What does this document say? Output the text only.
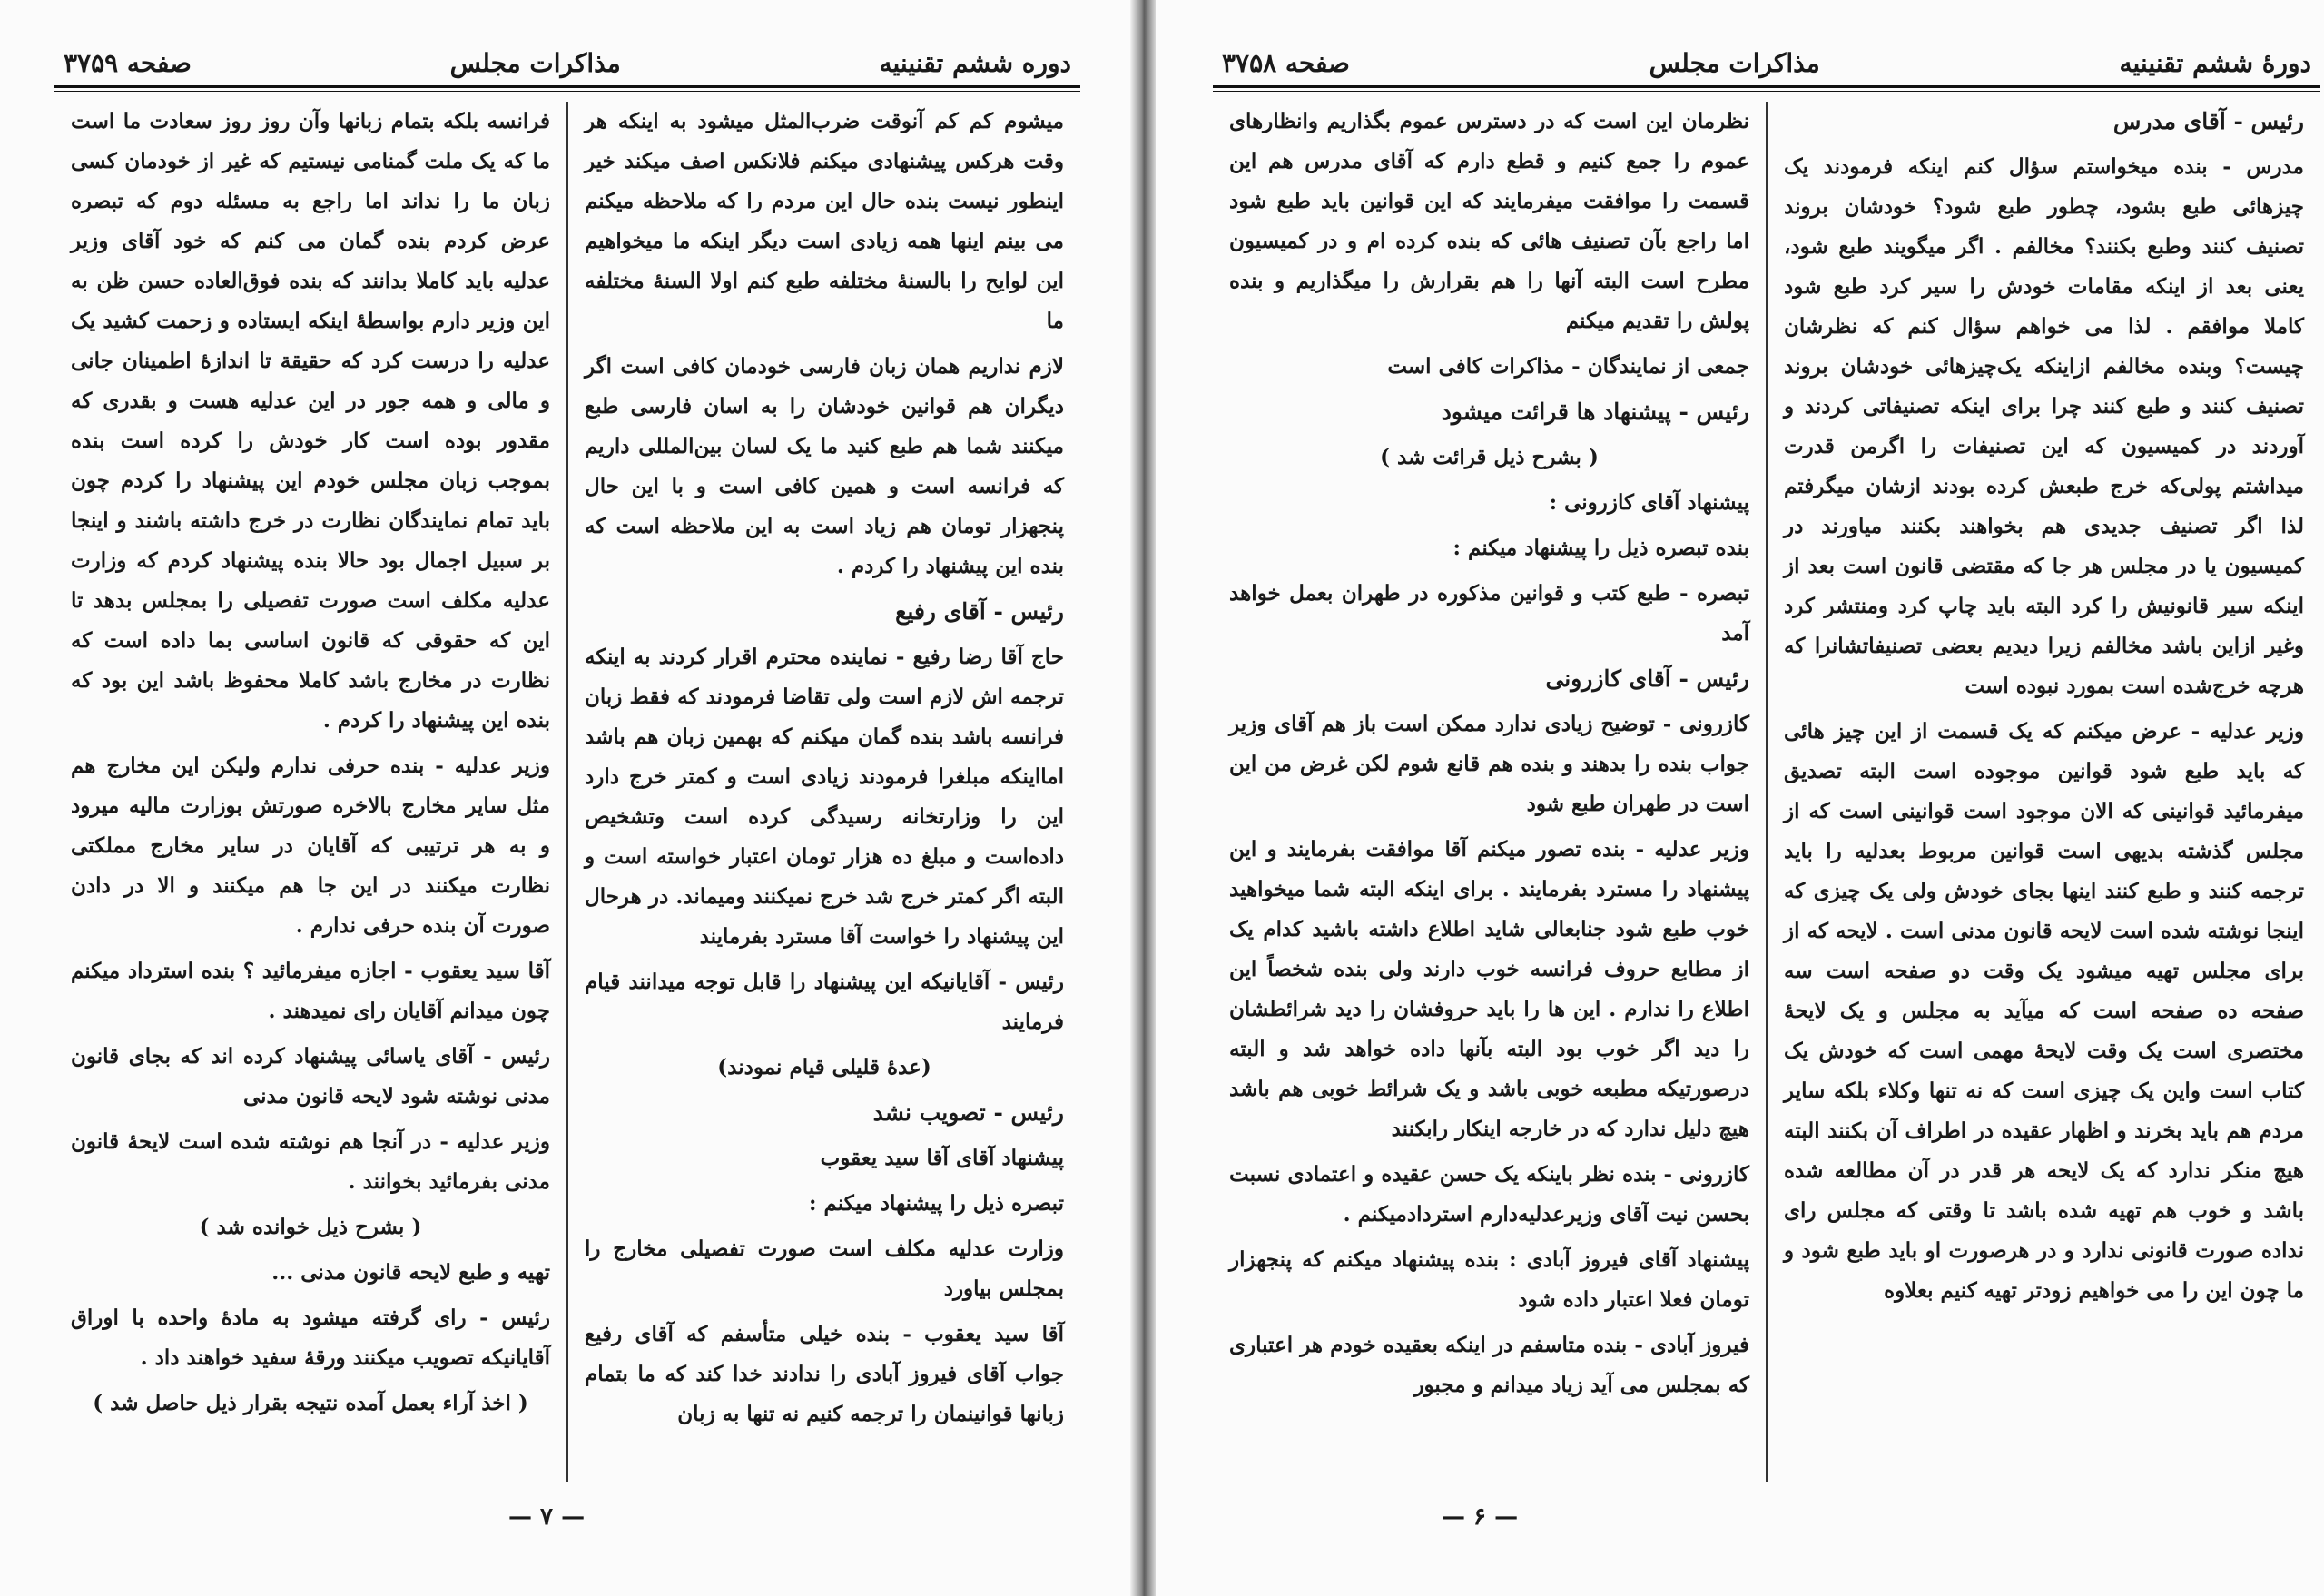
دوره ششم تقنینیه
مذاکرات مجلس
صفحه ۳۷۵۹

میشوم کم کم آنوقت ضرب‌المثل میشود به اینکه هر وقت هرکس پیشنهادی میکنم فلانکس اصف میکند خیر اینطور نیست بنده حال این مردم را که ملاحظه میکنم می بینم اینها همه زیادی است دیگر اینکه ما میخواهیم این لوایح را بالسنهٔ مختلفه طبع کنم اولا السنهٔ مختلفه ما

لازم نداریم همان زبان فارسی خودمان کافی است اگر دیگران هم قوانین خودشان را به اسان فارسی طبع میکنند شما هم طبع کنید ما یک لسان بین‌المللی داریم که فرانسه است و همین کافی است و با این حال پنجهزار تومان هم زیاد است به این ملاحظه است که بنده این پیشنهاد را کردم .

رئیس - آقای رفیع

حاج آقا رضا رفیع - نماینده محترم اقرار کردند به اینکه ترجمه اش لازم است ولی تقاضا فرمودند که فقط زبان فرانسه باشد بنده گمان میکنم که بهمین زبان هم باشد امااینکه مبلغرا فرمودند زیادی است و کمتر خرج دارد این را وزارتخانه رسیدگی کرده است وتشخیص داده‌است و مبلغ ده هزار تومان اعتبار خواسته است و البته اگر کمتر خرج شد خرج نمیکنند ومیماند. در هرحال این پیشنهاد را خواست آقا مسترد بفرمایند

رئیس - آقایانیکه این پیشنهاد را قابل توجه میدانند قیام فرمایند

(عدهٔ قلیلی قیام نمودند)

رئیس - تصویب نشد

پیشنهاد آقای آقا سید یعقوب

تبصره ذیل را پیشنهاد میکنم :

وزارت عدلیه مکلف است صورت تفصیلی مخارج را بمجلس بیاورد

آقا سید یعقوب - بنده خیلی متأسفم که آقای رفیع جواب آقای فیروز آبادی را ندادند خدا کند که ما بتمام زبانها قوانینمان را ترجمه کنیم نه تنها به زبان

فرانسه بلکه بتمام زبانها وآن روز روز سعادت ما است ما که یک ملت گمنامی نیستیم که غیر از خودمان کسی زبان ما را نداند اما راجع به مسئله دوم که تبصره عرض کردم بنده گمان می کنم که خود آقای وزیر عدلیه باید کاملا بدانند که بنده فوق‌العاده حسن ظن به این وزیر دارم بواسطهٔ اینکه ایستاده و زحمت کشید یک عدلیه را درست کرد که حقیقة تا اندازهٔ اطمینان جانی و مالی و همه جور در این عدلیه هست و بقدری که مقدور بوده است کار خودش را کرده است بنده بموجب زبان مجلس خودم این پیشنهاد را کردم چون باید تمام نمایندگان نظارت در خرج داشته باشند و اینجا بر سبیل اجمال بود حالا بنده پیشنهاد کردم که وزارت عدلیه مکلف است صورت تفصیلی را بمجلس بدهد تا این که حقوقی که قانون اساسی بما داده است که نظارت در مخارج باشد کاملا محفوظ باشد این بود که بنده این پیشنهاد را کردم .

وزیر عدلیه - بنده حرفی ندارم ولیکن این مخارج هم مثل سایر مخارج بالاخره صورتش بوزارت مالیه میرود و به هر ترتیبی که آقایان در سایر مخارج مملکتی نظارت میکنند در این جا هم میکنند و الا در دادن صورت آن بنده حرفی ندارم .

آقا سید یعقوب - اجازه میفرمائید ؟ بنده استرداد میکنم چون میدانم آقایان رای نمیدهند .

رئیس - آقای یاسائی پیشنهاد کرده اند که بجای قانون مدنی نوشته شود لایحه قانون مدنی

وزیر عدلیه - در آنجا هم نوشته شده است لایحهٔ قانون مدنی بفرمائید بخوانند .

( بشرح ذیل خوانده شد )

تهیه و طبع لایحه قانون مدنی ...

رئیس - رای گرفته میشود به مادهٔ واحده با اوراق آقایانیکه تصویب میکنند ورقهٔ سفید خواهند داد .

( اخذ آراء بعمل آمده نتیجه بقرار ذیل حاصل شد )

— ۷ —
دورهٔ ششم تقنینیه
مذاکرات مجلس
صفحه ۳۷۵۸

رئیس - آقای مدرس

مدرس - بنده میخواستم سؤال کنم اینکه فرمودند یک چیزهائی طبع بشود، چطور طبع شود؟ خودشان بروند تصنیف کنند وطبع بکنند؟ مخالفم . اگر میگویند طبع شود، یعنی بعد از اینکه مقامات خودش را سیر کرد طبع شود کاملا موافقم . لذا می خواهم سؤال کنم که نظرشان چیست؟ وبنده مخالفم ازاینکه یک‌چیزهائی خودشان بروند تصنیف کنند و طبع کنند چرا برای اینکه تصنیفاتی کردند و آوردند در کمیسیون که این تصنیفات را اگرمن قدرت میداشتم پولی‌که خرج طبعش کرده بودند ازشان میگرفتم لذا اگر تصنیف جدیدی هم بخواهند بکنند میاورند در کمیسیون یا در مجلس هر جا که مقتضی قانون است بعد از اینکه سیر قانونیش را کرد البته باید چاپ کرد ومنتشر کرد وغیر ازاین باشد مخالفم زیرا دیدیم بعضی تصنیفاتشانرا که هرچه خرج‌شده است بمورد نبوده است

وزیر عدلیه - عرض میکنم که یک قسمت از این چیز هائی که باید طبع شود قوانین موجوده است البته تصدیق میفرمائید قوانینی که الان موجود است قوانینی است که از مجلس گذشته بدیهی است قوانین مربوط بعدلیه را باید ترجمه کنند و طبع کنند اینها بجای خودش ولی یک چیزی که اینجا نوشته شده است لایحه قانون مدنی است . لایحه که از برای مجلس تهیه میشود یک وقت دو صفحه است سه صفحه ده صفحه است که میآید به مجلس و یک لایحهٔ مختصری است یک وقت لایحهٔ مهمی است که خودش یک کتاب است واین یک چیزی است که نه تنها وکلاء بلکه سایر مردم هم باید بخرند و اظهار عقیده در اطراف آن بکنند البته هیچ منکر ندارد که یک لایحه هر قدر در آن مطالعه شده باشد و خوب هم تهیه شده باشد تا وقتی که مجلس رای نداده صورت قانونی ندارد و در هرصورت او باید طبع شود و ما چون این را می خواهیم زودتر تهیه کنیم بعلاوه

نظرمان این است که در دسترس عموم بگذاریم وانظارهای عموم را جمع کنیم و قطع دارم که آقای مدرس هم این قسمت را موافقت میفرمایند که این قوانین باید طبع شود اما راجع بآن تصنیف هائی که بنده کرده ام و در کمیسیون مطرح است البته آنها را هم بقرارش را میگذاریم و بنده پولش را تقدیم میکنم

جمعی از نمایندگان - مذاکرات کافی است

رئیس - پیشنهاد ها قرائت میشود

( بشرح ذیل قرائت شد )

پیشنهاد آقای کازرونی :

بنده تبصره ذیل را پیشنهاد میکنم :

تبصره - طبع کتب و قوانین مذکوره در طهران بعمل خواهد آمد

رئیس - آقای کازرونی

کازرونی - توضیح زیادی ندارد ممکن است باز هم آقای وزیر جواب بنده را بدهند و بنده هم قانع شوم لکن غرض من این است در طهران طبع شود

وزیر عدلیه - بنده تصور میکنم آقا موافقت بفرمایند و این پیشنهاد را مسترد بفرمایند . برای اینکه البته شما میخواهید خوب طبع شود جنابعالی شاید اطلاع داشته باشید کدام یک از مطابع حروف فرانسه خوب دارند ولی بنده شخصاً این اطلاع را ندارم . این ها را باید حروفشان را دید شرائطشان را دید اگر خوب بود البته بآنها داده خواهد شد و البته درصورتیکه مطبعه خوبی باشد و یک شرائط خوبی هم باشد هیچ دلیل ندارد که در خارجه اینکار رابکنند

کازرونی - بنده نظر باینکه یک حسن عقیده و اعتمادی نسبت بحسن نیت آقای وزیرعدلیه‌دارم استرداد‌میکنم .

پیشنهاد آقای فیروز آبادی : بنده پیشنهاد میکنم که پنجهزار تومان فعلا اعتبار داده شود

فیروز آبادی - بنده متاسفم در اینکه بعقیده خودم هر اعتباری که بمجلس می آید زیاد میدانم و مجبور

— ۶ —
